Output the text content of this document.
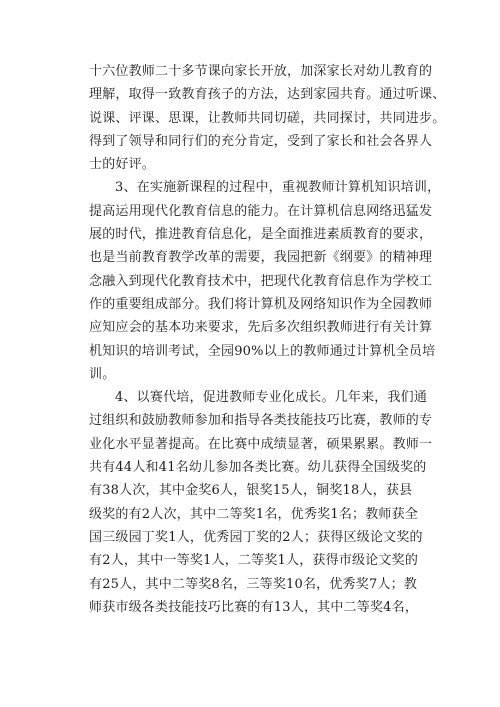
十六位教师二十多节课向家长开放，加深家长对幼儿教育的
理解，取得一致教育孩子的方法，达到家园共育。通过听课、
说课、评课、思课，让教师共同切磋，共同探讨，共同进步。
得到了领导和同行们的充分肯定，受到了家长和社会各界人
士的好评。
3、在实施新课程的过程中，重视教师计算机知识培训，
提高运用现代化教育信息的能力。在计算机信息网络迅猛发
展的时代，推进教育信息化，是全面推进素质教育的要求，
也是当前教育教学改革的需要，我园把新《纲要》的精神理
念融入到现代化教育技术中，把现代化教育信息作为学校工
作的重要组成部分。我们将计算机及网络知识作为全园教师
应知应会的基本功来要求，先后多次组织教师进行有关计算
机知识的培训考试，全园90%以上的教师通过计算机全员培
训。
4、以赛代培，促进教师专业化成长。几年来，我们通
过组织和鼓励教师参加和指导各类技能技巧比赛，教师的专
业化水平显著提高。在比赛中成绩显著，硕果累累。教师一
共有44人和41名幼儿参加各类比赛。幼儿获得全国级奖的
有38人次，其中金奖6人，银奖15人，铜奖18人，获县
级奖的有2人次，其中二等奖1名，优秀奖1名；教师获全
国三级园丁奖1人，优秀园丁奖的2人；获得区级论文奖的
有2人，其中一等奖1人，二等奖1人，获得市级论文奖的
有25人，其中二等奖8名，三等奖10名，优秀奖7人；教
师获市级各类技能技巧比赛的有13人，其中二等奖4名，
